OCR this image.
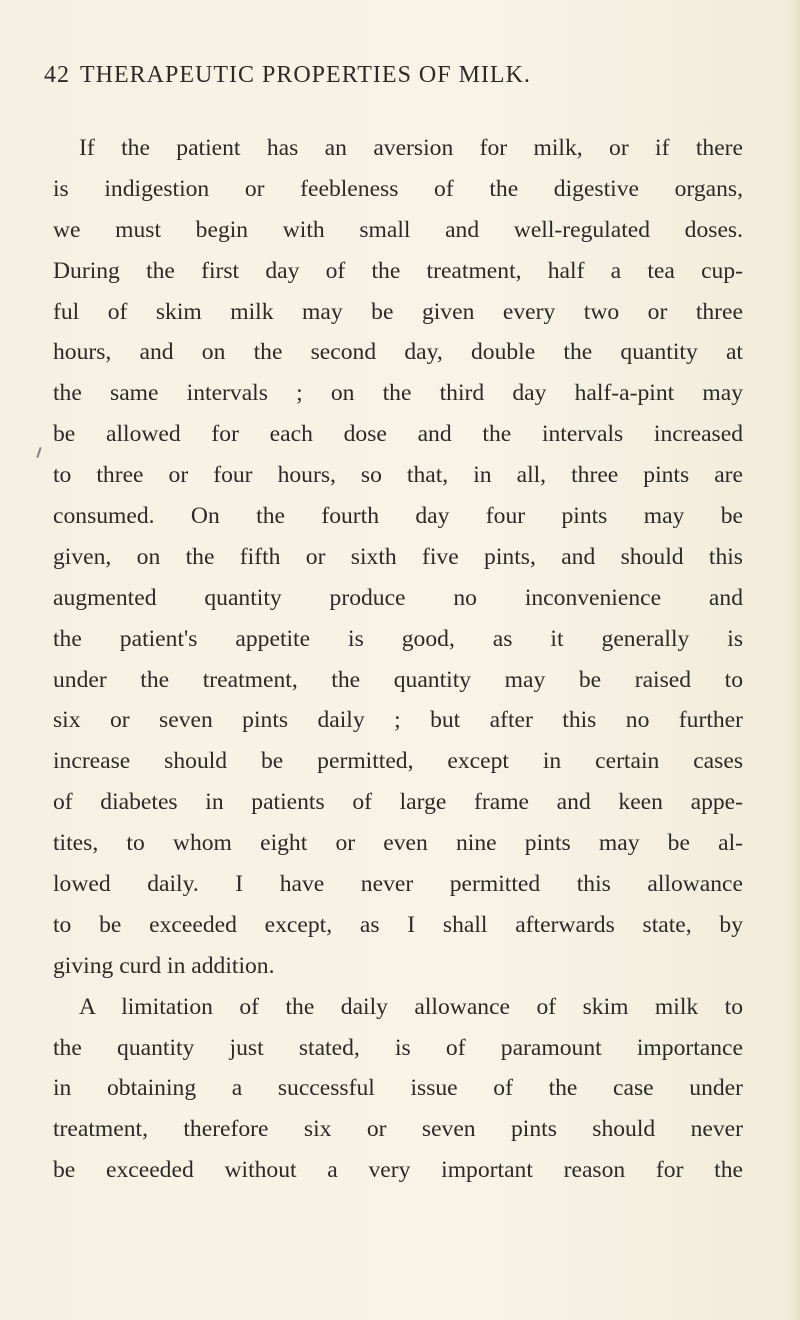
42 THERAPEUTIC PROPERTIES OF MILK.
If the patient has an aversion for milk, or if there
is indigestion or feebleness of the digestive organs,
we must begin with small and well-regulated doses.
During the first day of the treatment, half a tea cup-
ful of skim milk may be given every two or three
hours, and on the second day, double the quantity at
the same intervals ; on the third day half-a-pint may
be allowed for each dose and the intervals increased
to three or four hours, so that, in all, three pints are
consumed. On the fourth day four pints may be
given, on the fifth or sixth five pints, and should this
augmented quantity produce no inconvenience and
the patient's appetite is good, as it generally is
under the treatment, the quantity may be raised to
six or seven pints daily ; but after this no further
increase should be permitted, except in certain cases
of diabetes in patients of large frame and keen appe-
tites, to whom eight or even nine pints may be al-
lowed daily. I have never permitted this allowance
to be exceeded except, as I shall afterwards state, by
giving curd in addition.
A limitation of the daily allowance of skim milk to
the quantity just stated, is of paramount importance
in obtaining a successful issue of the case under
treatment, therefore six or seven pints should never
be exceeded without a very important reason for the
